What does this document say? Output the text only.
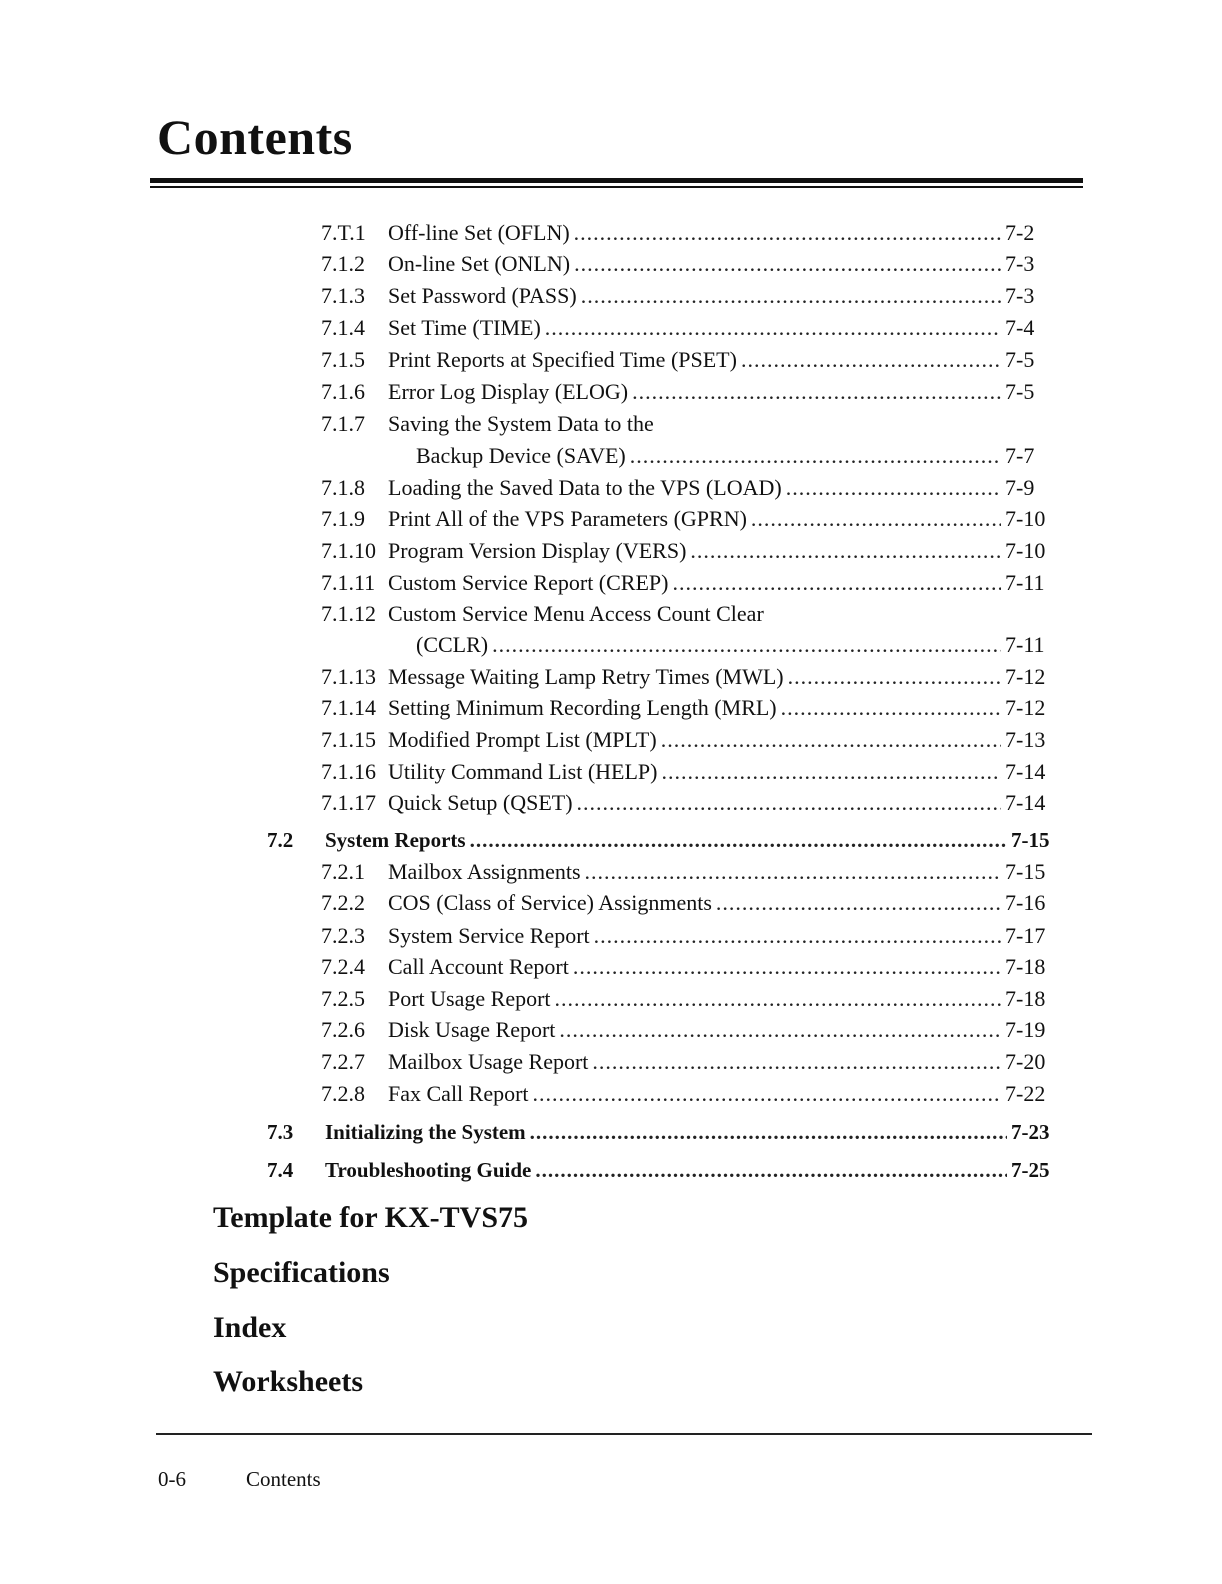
Contents
7.T.1	Off-line Set (OFLN) .....	7-2
7.1.2	On-line Set (ONLN) .....	7-3
7.1.3	Set Password (PASS) .....	7-3
7.1.4	Set Time (TIME) .....	7-4
7.1.5	Print Reports at Specified Time (PSET) .....	7-5
7.1.6	Error Log Display (ELOG) .....	7-5
7.1.7	Saving the System Data to the
Backup Device (SAVE) .....	7-7
7.1.8	Loading the Saved Data to the VPS (LOAD) .....	7-9
7.1.9	Print All of the VPS Parameters (GPRN) .....	7-10
7.1.10 Program Version Display (VERS) .....	7-10
7.1.11 Custom Service Report (CREP) .....	7-11
7.1.12 Custom Service Menu Access Count Clear
(CCLR) .....	7-11
7.1.13 Message Waiting Lamp Retry Times (MWL) .....	7-12
7.1.14 Setting Minimum Recording Length (MRL) .....	7-12
7.1.15 Modified Prompt List (MPLT) .....	7-13
7.1.16 Utility Command List (HELP) .....	7-14
7.1.17 Quick Setup (QSET) .....	7-14
7.2	System Reports .....	7-15
7.2.1	Mailbox Assignments .....	7-15
7.2.2	COS (Class of Service) Assignments .....	7-16
7.2.3	System Service Report .....	7-17
7.2.4	Call Account Report .....	7-18
7.2.5	Port Usage Report .....	7-18
7.2.6	Disk Usage Report .....	7-19
7.2.7	Mailbox Usage Report .....	7-20
7.2.8	Fax Call Report .....	7-22
7.3	Initializing the System .....	7-23
7.4	Troubleshooting Guide .....	7-25
Template for KX-TVS75
Specifications
Index
Worksheets
0-6	Contents
